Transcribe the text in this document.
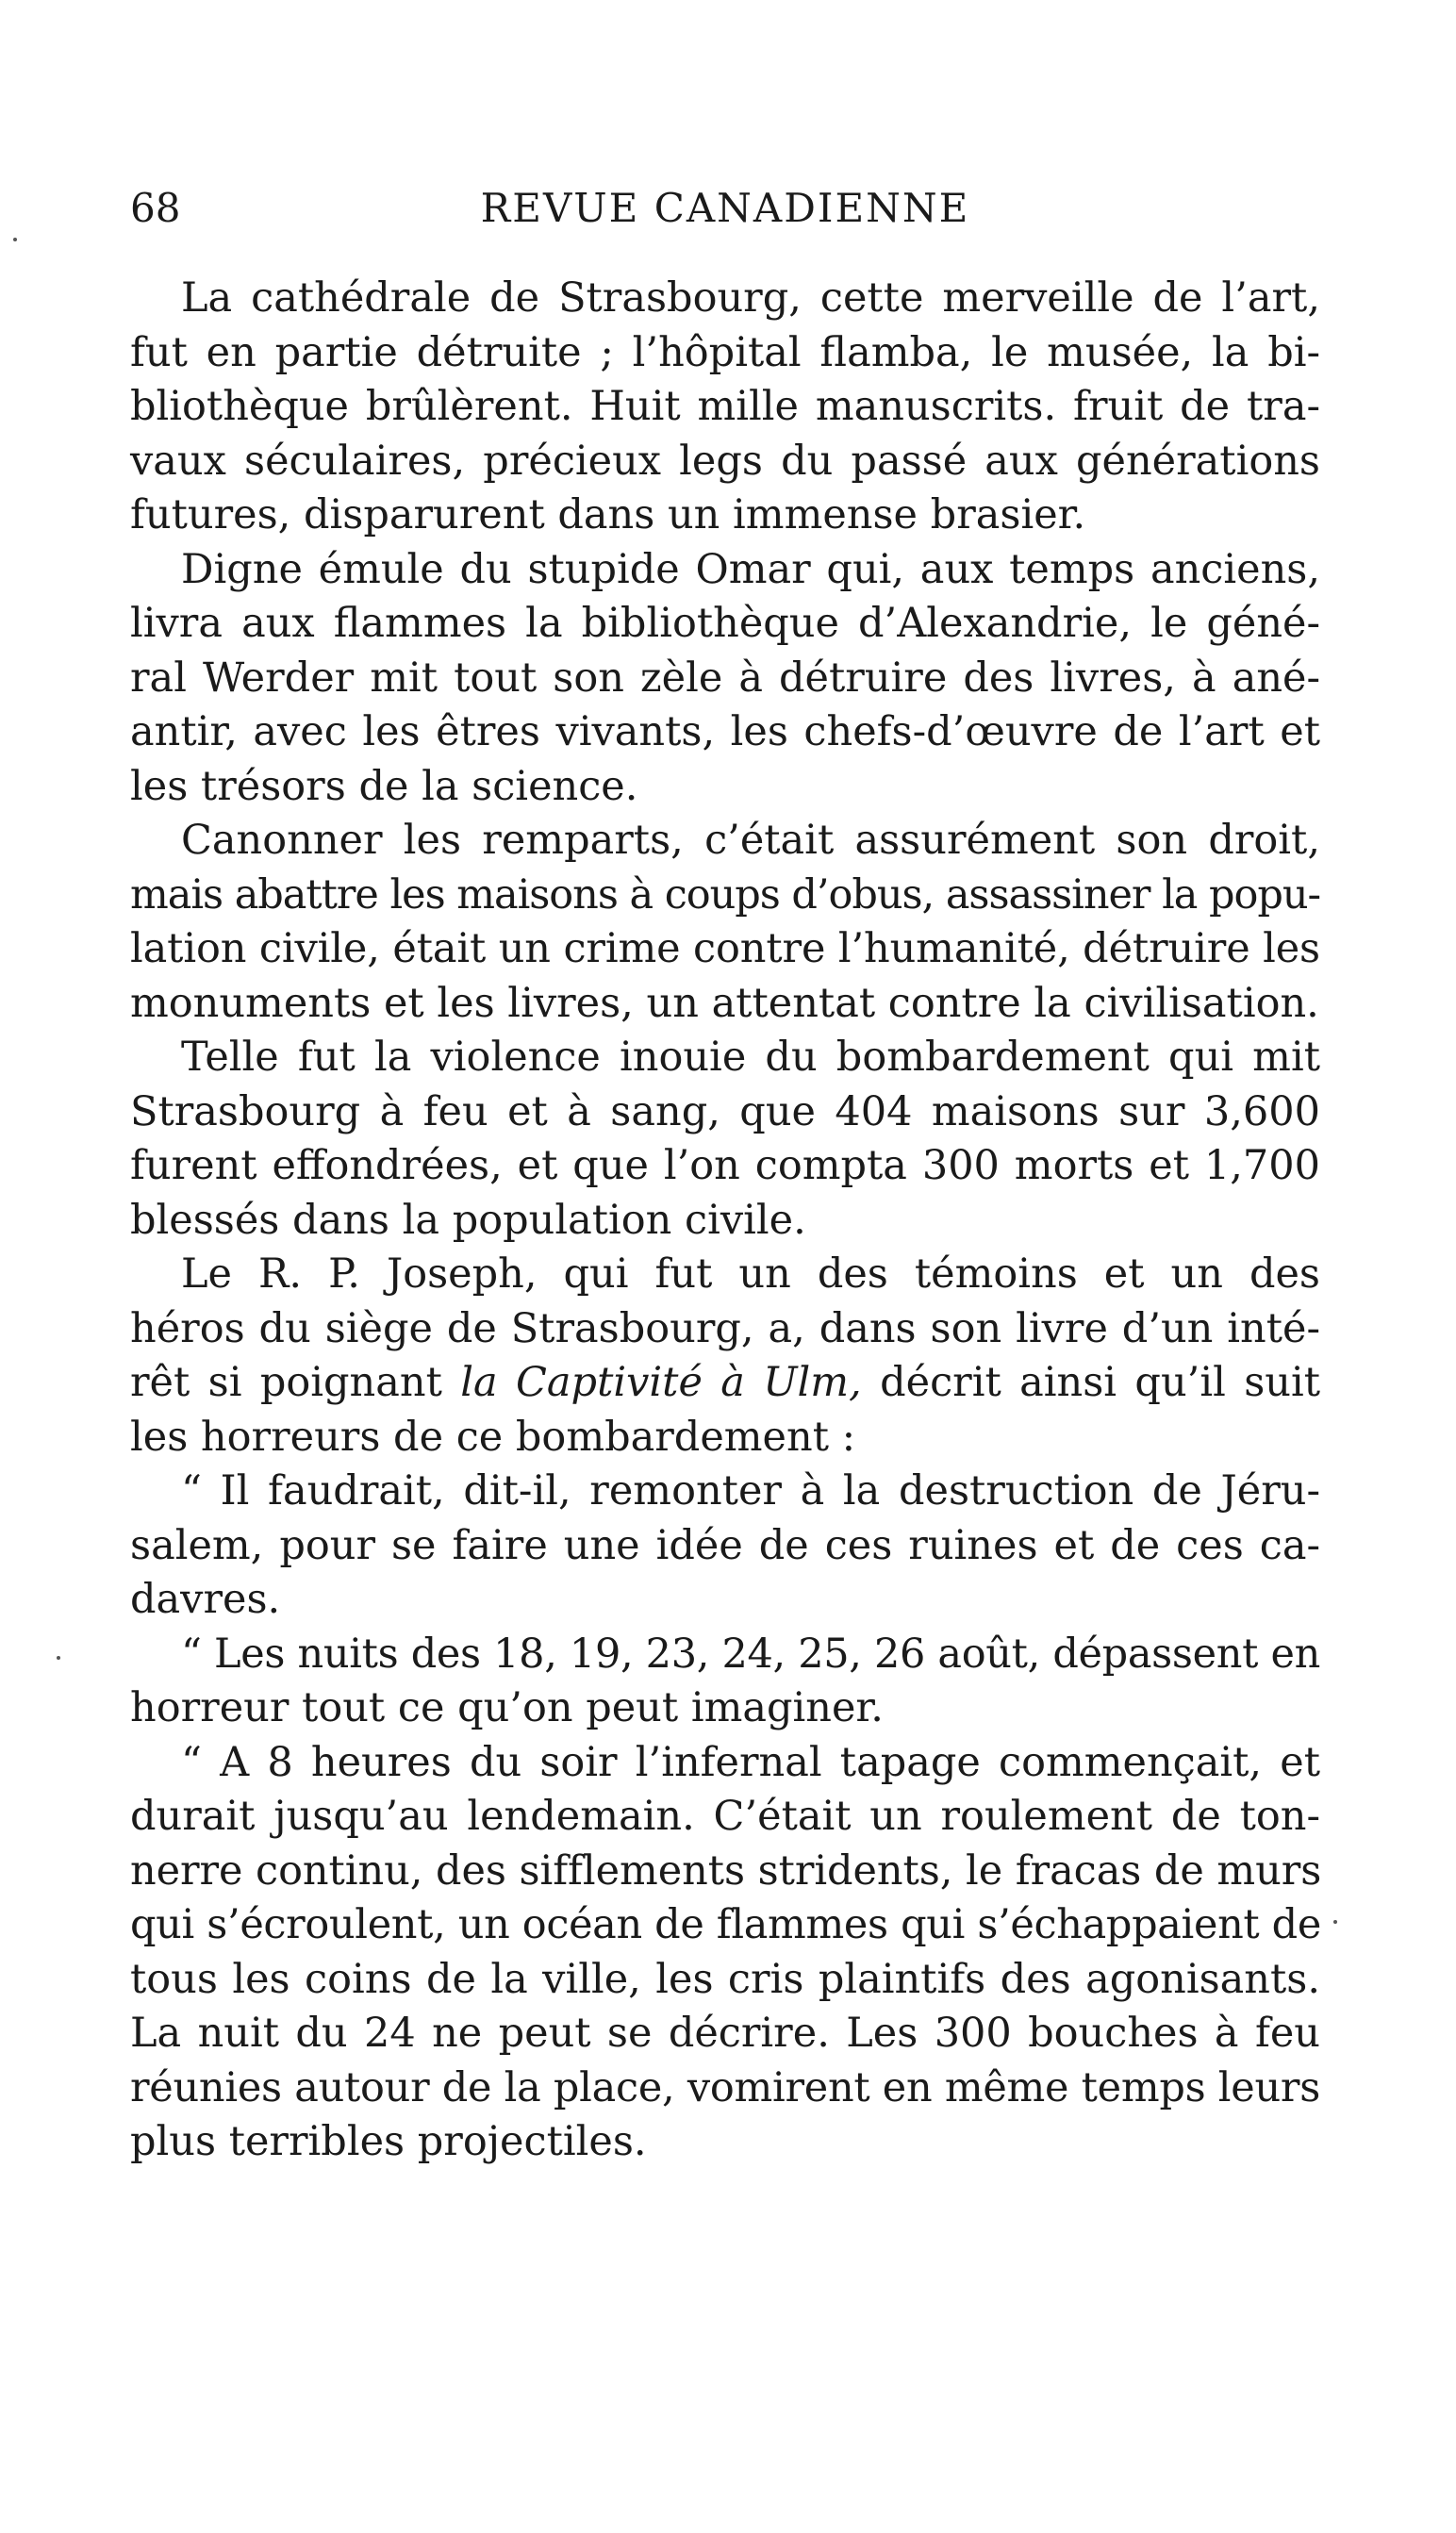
68	REVUE CANADIENNE

La cathédrale de Strasbourg, cette merveille de l’art,
fut en partie détruite ; l’hôpital flamba, le musée, la bi-
bliothèque brûlèrent. Huit mille manuscrits. fruit de tra-
vaux séculaires, précieux legs du passé aux générations
futures, disparurent dans un immense brasier.

Digne émule du stupide Omar qui, aux temps anciens,
livra aux flammes la bibliothèque d’Alexandrie, le géné-
ral Werder mit tout son zèle à détruire des livres, à ané-
antir, avec les êtres vivants, les chefs-d’œuvre de l’art et
les trésors de la science.

Canonner les remparts, c’était assurément son droit,
mais abattre les maisons à coups d’obus, assassiner la popu-
lation civile, était un crime contre l’humanité, détruire les
monuments et les livres, un attentat contre la civilisation.

Telle fut la violence inouie du bombardement qui mit
Strasbourg à feu et à sang, que 404 maisons sur 3,600
furent effondrées, et que l’on compta 300 morts et 1,700
blessés dans la population civile.

Le R. P. Joseph, qui fut un des témoins et un des
héros du siège de Strasbourg, a, dans son livre d’un inté-
rêt si poignant la Captivité à Ulm, décrit ainsi qu’il suit
les horreurs de ce bombardement :

“ Il faudrait, dit-il, remonter à la destruction de Jéru-
salem, pour se faire une idée de ces ruines et de ces ca-
davres.

“ Les nuits des 18, 19, 23, 24, 25, 26 août, dépassent en
horreur tout ce qu’on peut imaginer.

“ A 8 heures du soir l’infernal tapage commençait, et
durait jusqu’au lendemain. C’était un roulement de ton-
nerre continu, des sifflements stridents, le fracas de murs
qui s’écroulent, un océan de flammes qui s’échappaient de
tous les coins de la ville, les cris plaintifs des agonisants.
La nuit du 24 ne peut se décrire. Les 300 bouches à feu
réunies autour de la place, vomirent en même temps leurs
plus terribles projectiles.
